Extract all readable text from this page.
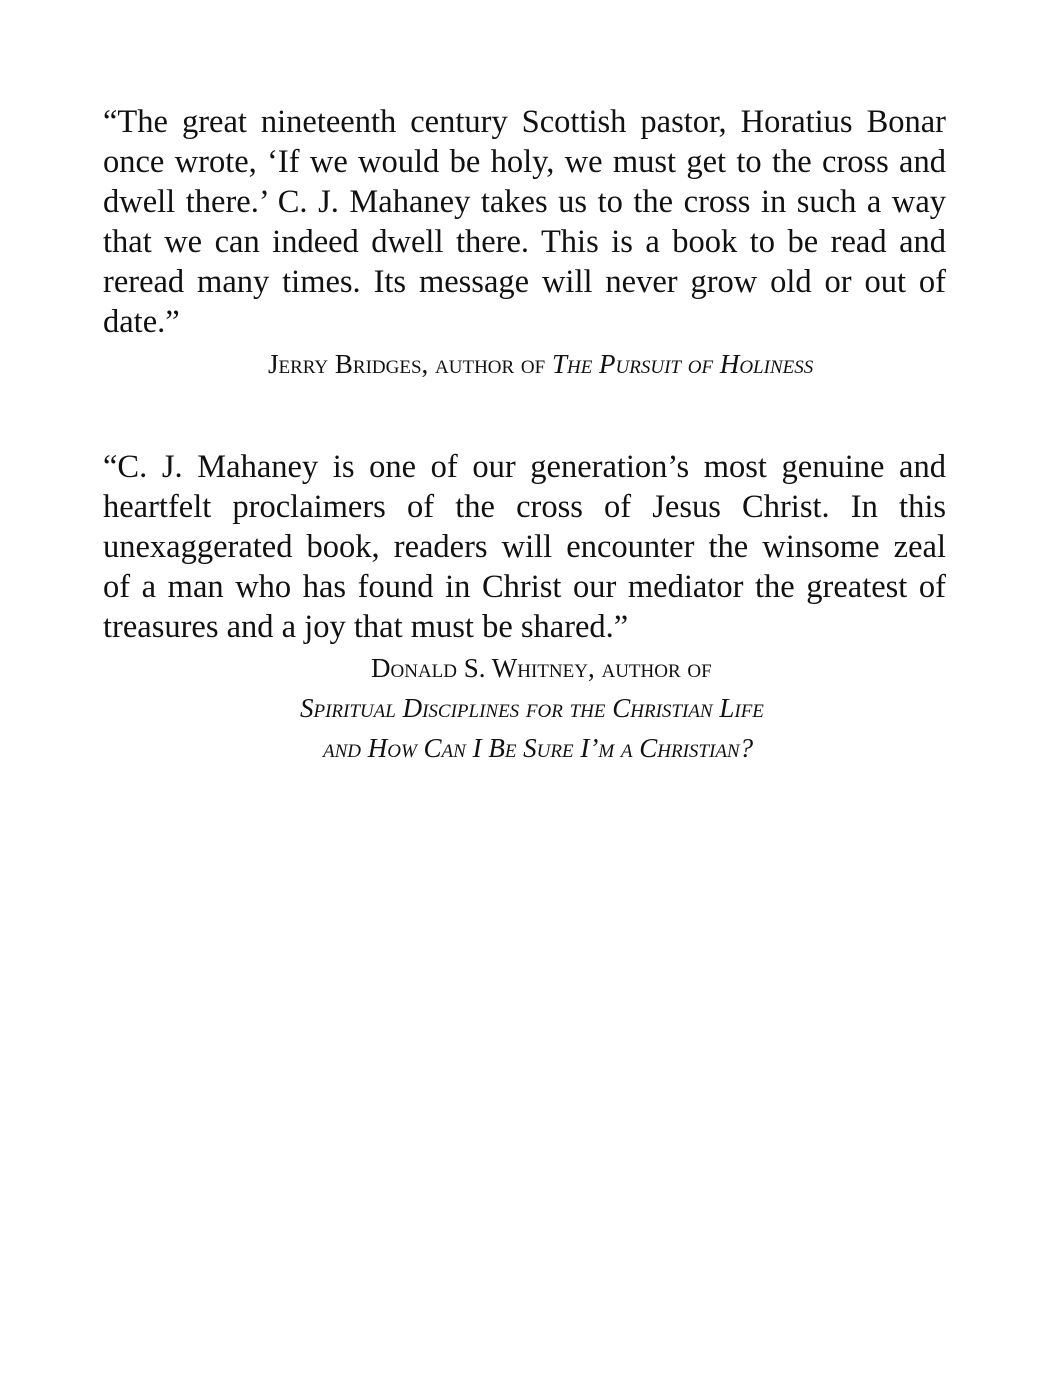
“The great nineteenth century Scottish pastor, Horatius Bonar
once wrote, ‘If we would be holy, we must get to the cross and
dwell there.’ C. J. Mahaney takes us to the cross in such a way
that we can indeed dwell there. This is a book to be read and
reread many times. Its message will never grow old or out of
date.”

Jerry Bridges, author of The Pursuit of Holiness

“C. J. Mahaney is one of our generation’s most genuine and
heartfelt proclaimers of the cross of Jesus Christ. In this
unexaggerated book, readers will encounter the winsome zeal
of a man who has found in Christ our mediator the greatest of
treasures and a joy that must be shared.”

Donald S. Whitney, author of
Spiritual Disciplines for the Christian Life
and How Can I Be Sure I’m a Christian?
